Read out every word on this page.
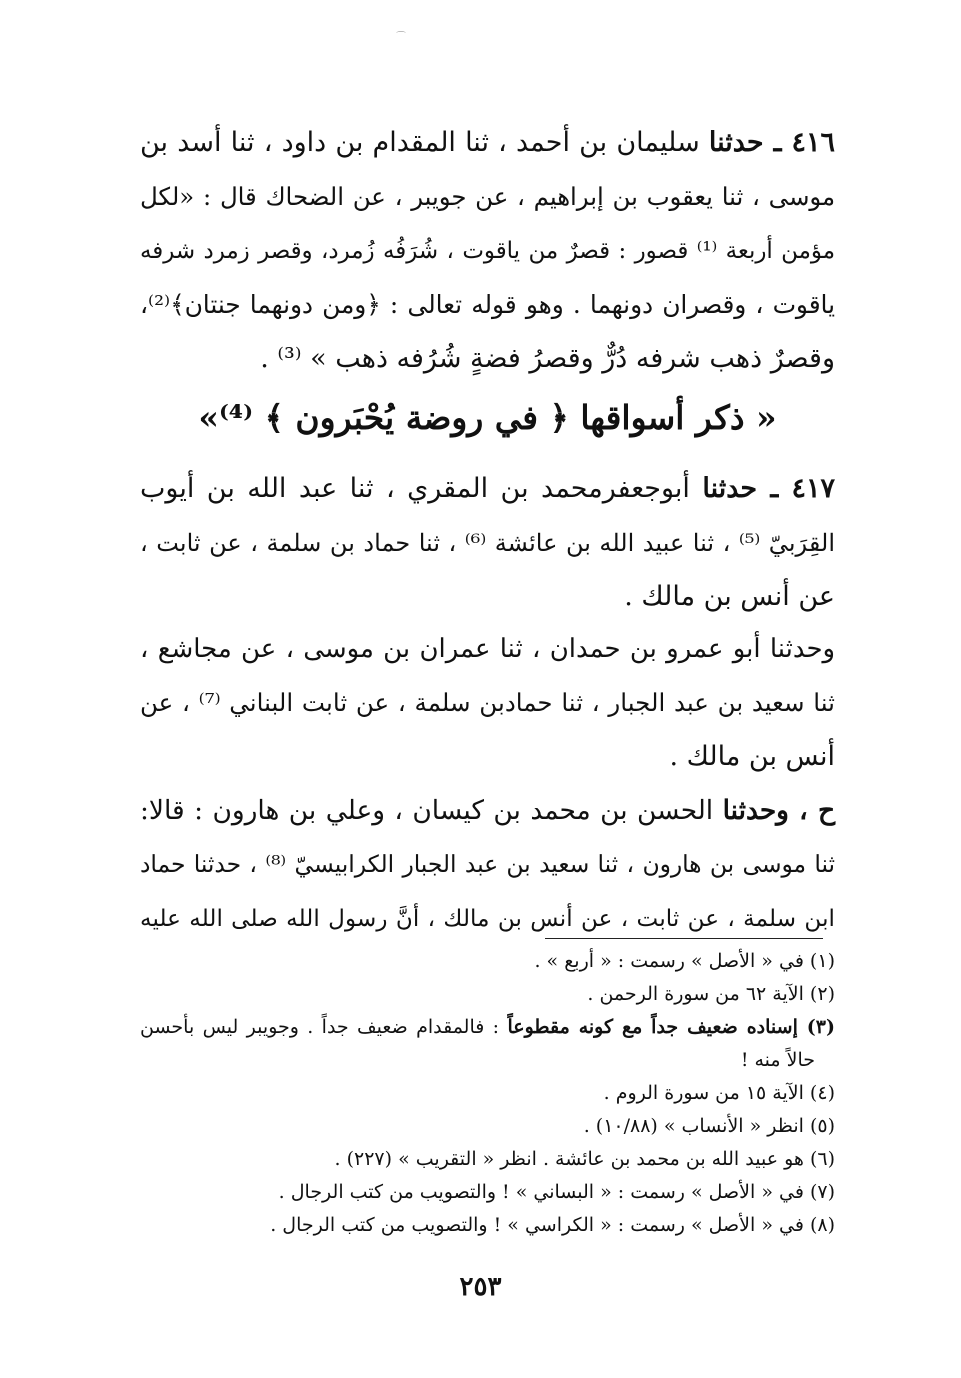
⌒
٤١٦ ـ حدثنا سليمان بن أحمد ، ثنا المقدام بن داود ، ثنا أسد بن
موسى ، ثنا يعقوب بن إبراهيم ، عن جويبر ، عن الضحاك قال : «لكل
مؤمن أربعة ⁽¹⁾ قصور : قصرٌ من ياقوت ، شُرَفُه زُمرد، وقصر زمرد شرفه
ياقوت ، وقصران دونهما . وهو قوله تعالى : ﴿ومن دونهما جنتان﴾⁽²⁾،
وقصرٌ ذهب شرفه دُرٌّ وقصرُ فضةٍ شُرُفه ذهب » ⁽³⁾ .
« ذكر أسواقها ﴿ في روضة يُحْبَرون ﴾ ⁽⁴⁾»
٤١٧ ـ حدثنا أبوجعفرمحمد بن المقري ، ثنا عبد الله بن أيوب
القِرَبيّ ⁽⁵⁾ ، ثنا عبيد الله بن عائشة ⁽⁶⁾ ، ثنا حماد بن سلمة ، عن ثابت ،
عن أنس بن مالك .
وحدثنا أبو عمرو بن حمدان ، ثنا عمران بن موسى ، عن مجاشع ،
ثنا سعيد بن عبد الجبار ، ثنا حمادبن سلمة ، عن ثابت البناني ⁽⁷⁾ ، عن
أنس بن مالك .
ح ، وحدثنا الحسن بن محمد بن كيسان ، وعلي بن هارون : قالا:
ثنا موسى بن هارون ، ثنا سعيد بن عبد الجبار الكرابيسيّ ⁽⁸⁾ ، حدثنا حماد
ابن سلمة ، عن ثابت ، عن أنس بن مالك ، أنَّ رسول الله صلى الله عليه
(١) في « الأصل » رسمت : « أربع » .
(٢) الآية ٦٢ من سورة الرحمن .
(٣) إسناده ضعيف جداً مع كونه مقطوعاً : فالمقدام ضعيف جداً . وجويبر ليس بأحسن
حالاً منه !
(٤) الآية ١٥ من سورة الروم .
(٥) انظر « الأنساب » (١٠/٨٨) .
(٦) هو عبيد الله بن محمد بن عائشة . انظر « التقريب » (٢٢٧) .
(٧) في « الأصل » رسمت : « البساني » ! والتصويب من كتب الرجال .
(٨) في « الأصل » رسمت : « الكراسي » ! والتصويب من كتب الرجال .
٢٥٣
